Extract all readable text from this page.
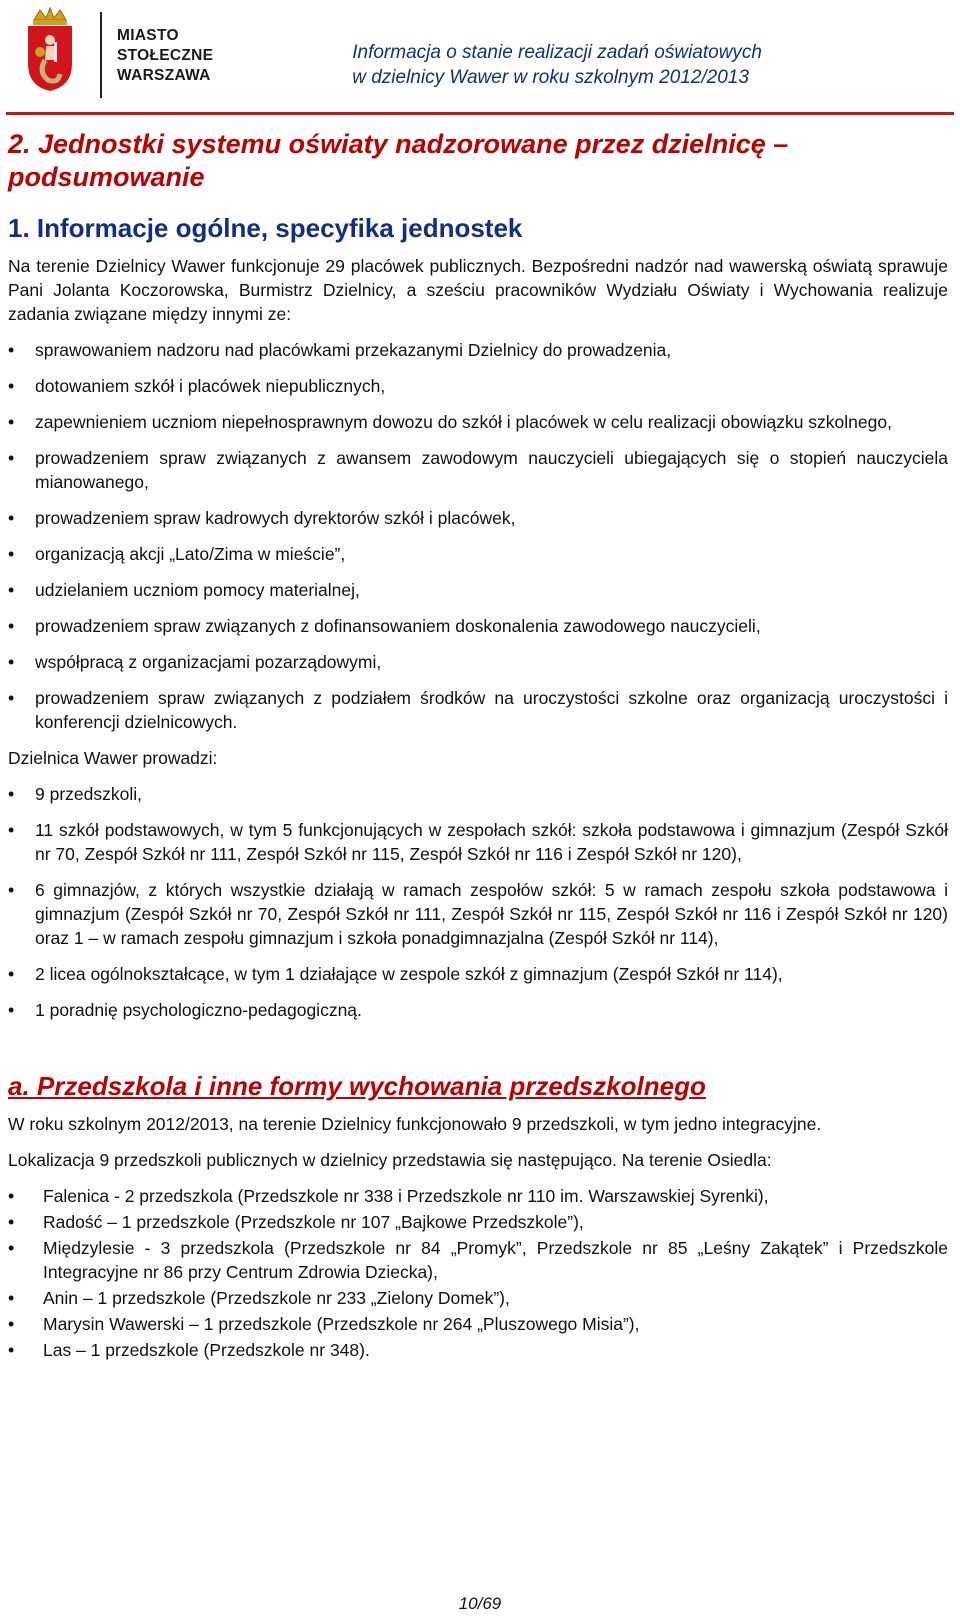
MIASTO
STOŁECZNE
WARSZAWA
Informacja o stanie realizacji zadań oświatowych
w dzielnicy Wawer w roku szkolnym 2012/2013
2. Jednostki systemu oświaty nadzorowane przez dzielnicę – podsumowanie
1. Informacje ogólne, specyfika jednostek

Na terenie Dzielnicy Wawer funkcjonuje 29 placówek publicznych. Bezpośredni nadzór nad wawerską oświatą sprawuje Pani Jolanta Koczorowska, Burmistrz Dzielnicy, a sześciu pracowników Wydziału Oświaty i Wychowania realizuje zadania związane między innymi ze:

• sprawowaniem nadzoru nad placówkami przekazanymi Dzielnicy do prowadzenia,
• dotowaniem szkół i placówek niepublicznych,
• zapewnieniem uczniom niepełnosprawnym dowozu do szkół i placówek w celu realizacji obowiązku szkolnego,
• prowadzeniem spraw związanych z awansem zawodowym nauczycieli ubiegających się o stopień nauczyciela mianowanego,
• prowadzeniem spraw kadrowych dyrektorów szkół i placówek,
• organizacją akcji „Lato/Zima w mieście”,
• udzielaniem uczniom pomocy materialnej,
• prowadzeniem spraw związanych z dofinansowaniem doskonalenia zawodowego nauczycieli,
• współpracą z organizacjami pozarządowymi,
• prowadzeniem spraw związanych z podziałem środków na uroczystości szkolne oraz organizacją uroczystości i konferencji dzielnicowych.

Dzielnica Wawer prowadzi:

• 9 przedszkoli,
• 11 szkół podstawowych, w tym 5 funkcjonujących w zespołach szkół: szkoła podstawowa i gimnazjum (Zespół Szkół nr 70, Zespół Szkół nr 111, Zespół Szkół nr 115, Zespół Szkół nr 116 i Zespół Szkół nr 120),
• 6 gimnazjów, z których wszystkie działają w ramach zespołów szkół: 5 w ramach zespołu szkoła podstawowa i gimnazjum (Zespół Szkół nr 70, Zespół Szkół nr 111, Zespół Szkół nr 115, Zespół Szkół nr 116 i Zespół Szkół nr 120) oraz 1 – w ramach zespołu gimnazjum i szkoła ponadgimnazjalna (Zespół Szkół nr 114),
• 2 licea ogólnokształcące, w tym 1 działające w zespole szkół z gimnazjum (Zespół Szkół nr 114),
• 1 poradnię psychologiczno-pedagogiczną.
a. Przedszkola i inne formy wychowania przedszkolnego

W roku szkolnym 2012/2013, na terenie Dzielnicy funkcjonowało 9 przedszkoli, w tym jedno integracyjne.

Lokalizacja 9 przedszkoli publicznych w dzielnicy przedstawia się następująco. Na terenie Osiedla:

• Falenica - 2 przedszkola (Przedszkole nr 338 i Przedszkole nr 110 im. Warszawskiej Syrenki),
• Radość – 1 przedszkole (Przedszkole nr 107 „Bajkowe Przedszkole”),
• Międzylesie - 3 przedszkola (Przedszkole nr 84 „Promyk”, Przedszkole nr 85 „Leśny Zakątek” i Przedszkole Integracyjne nr 86 przy Centrum Zdrowia Dziecka),
• Anin – 1 przedszkole (Przedszkole nr 233 „Zielony Domek”),
• Marysin Wawerski – 1 przedszkole (Przedszkole nr 264 „Pluszowego Misia”),
• Las – 1 przedszkole (Przedszkole nr 348).
10/69
